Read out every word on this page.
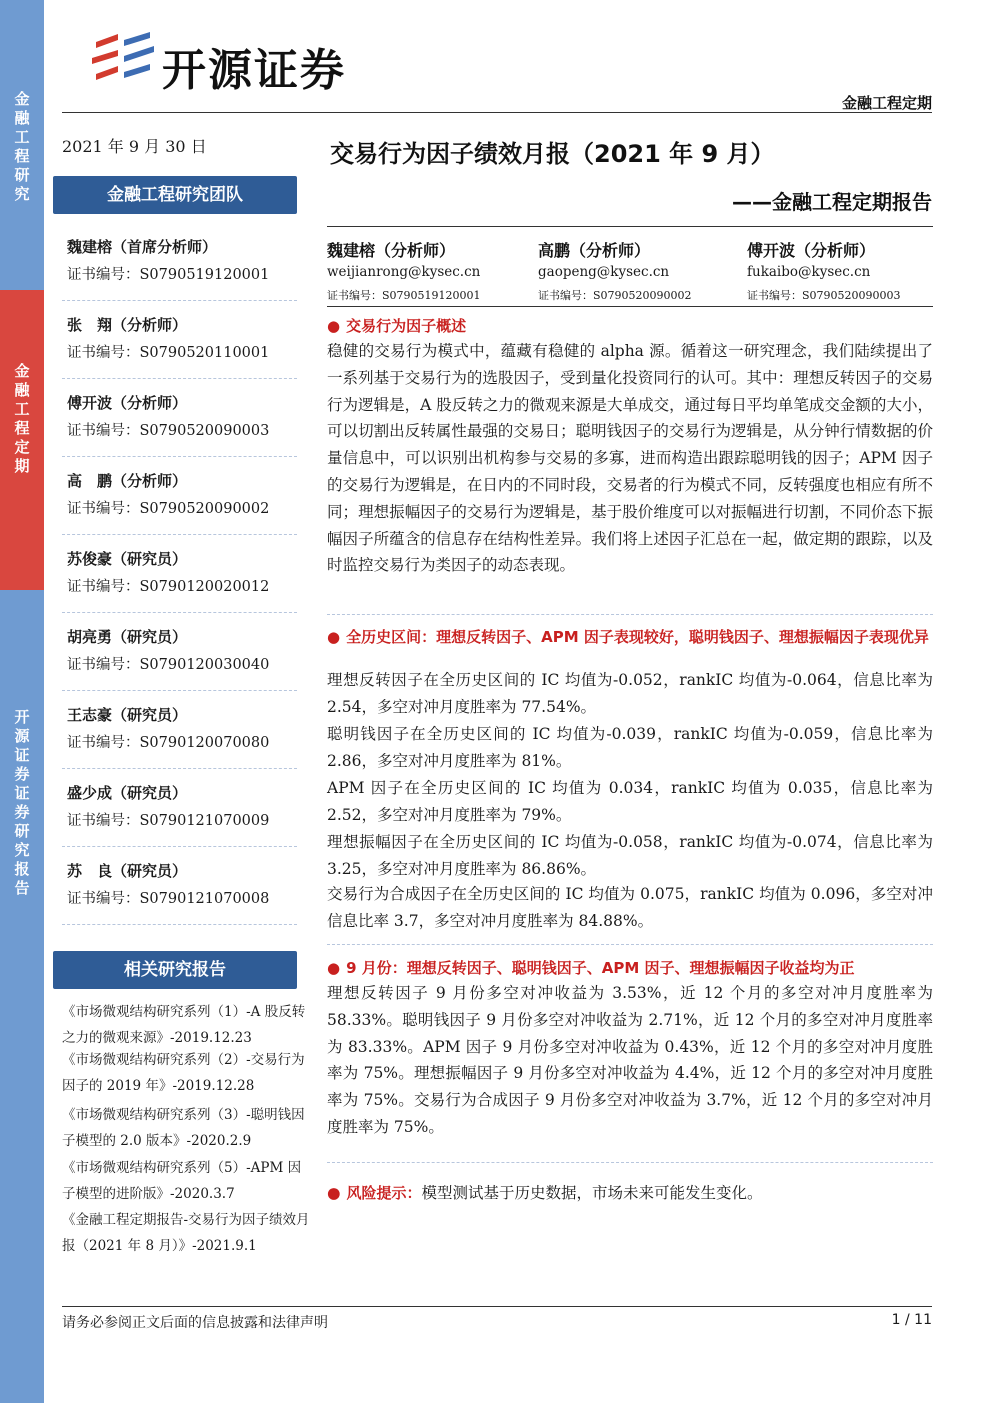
金融工程研究
金融工程定期
开源证券 证券研究报告
开源证券
金融工程定期
2021 年 9 月 30 日	交易行为因子绩效月报（2021 年 9 月）
——金融工程定期报告
魏建榕（分析师）
weijianrong@kysec.cn
证书编号：S0790519120001
高鹏（分析师）
gaopeng@kysec.cn
证书编号：S0790520090002
傅开波（分析师）
fukaibo@kysec.cn
证书编号：S0790520090003
金融工程研究团队
魏建榕（首席分析师）
证书编号：S0790519120001
张　翔（分析师）
证书编号：S0790520110001
傅开波（分析师）
证书编号：S0790520090003
高　鹏（分析师）
证书编号：S0790520090002
苏俊豪（研究员）
证书编号：S0790120020012
胡亮勇（研究员）
证书编号：S0790120030040
王志豪（研究员）
证书编号：S0790120070080
盛少成（研究员）
证书编号：S0790121070009
苏　良（研究员）
证书编号：S0790121070008
相关研究报告
《市场微观结构研究系列（1）-A 股反转之力的微观来源》-2019.12.23
《市场微观结构研究系列（2）-交易行为因子的 2019 年》-2019.12.28
《市场微观结构研究系列（3）-聪明钱因子模型的 2.0 版本》-2020.2.9
《市场微观结构研究系列（5）-APM 因子模型的进阶版》-2020.3.7
《金融工程定期报告-交易行为因子绩效月报（2021 年 8 月）》-2021.9.1
● 交易行为因子概述

稳健的交易行为模式中，蕴藏有稳健的 alpha 源。循着这一研究理念，我们陆续提出了一系列基于交易行为的选股因子，受到量化投资同行的认可。其中：理想反转因子的交易行为逻辑是，A 股反转之力的微观来源是大单成交，通过每日平均单笔成交金额的大小，可以切割出反转属性最强的交易日；聪明钱因子的交易行为逻辑是，从分钟行情数据的价量信息中，可以识别出机构参与交易的多寡，进而构造出跟踪聪明钱的因子；APM 因子的交易行为逻辑是，在日内的不同时段，交易者的行为模式不同，反转强度也相应有所不同；理想振幅因子的交易行为逻辑是，基于股价维度可以对振幅进行切割，不同价态下振幅因子所蕴含的信息存在结构性差异。我们将上述因子汇总在一起，做定期的跟踪，以及时监控交易行为类因子的动态表现。

● 全历史区间：理想反转因子、APM 因子表现较好，聪明钱因子、理想振幅因子表现优异

理想反转因子在全历史区间的 IC 均值为-0.052，rankIC 均值为-0.064，信息比率为 2.54，多空对冲月度胜率为 77.54%。

聪明钱因子在全历史区间的 IC 均值为-0.039，rankIC 均值为-0.059，信息比率为 2.86，多空对冲月度胜率为 81%。

APM 因子在全历史区间的 IC 均值为 0.034，rankIC 均值为 0.035，信息比率为 2.52，多空对冲月度胜率为 79%。

理想振幅因子在全历史区间的 IC 均值为-0.058，rankIC 均值为-0.074，信息比率为 3.25，多空对冲月度胜率为 86.86%。

交易行为合成因子在全历史区间的 IC 均值为 0.075，rankIC 均值为 0.096，多空对冲信息比率 3.7，多空对冲月度胜率为 84.88%。

● 9 月份：理想反转因子、聪明钱因子、APM 因子、理想振幅因子收益均为正

理想反转因子 9 月份多空对冲收益为 3.53%，近 12 个月的多空对冲月度胜率为 58.33%。聪明钱因子 9 月份多空对冲收益为 2.71%，近 12 个月的多空对冲月度胜率为 83.33%。APM 因子 9 月份多空对冲收益为 0.43%，近 12 个月的多空对冲月度胜率为 75%。理想振幅因子 9 月份多空对冲收益为 4.4%，近 12 个月的多空对冲月度胜率为 75%。交易行为合成因子 9 月份多空对冲收益为 3.7%，近 12 个月的多空对冲月度胜率为 75%。

● 风险提示：模型测试基于历史数据，市场未来可能发生变化。
请务必参阅正文后面的信息披露和法律声明	1 / 11
